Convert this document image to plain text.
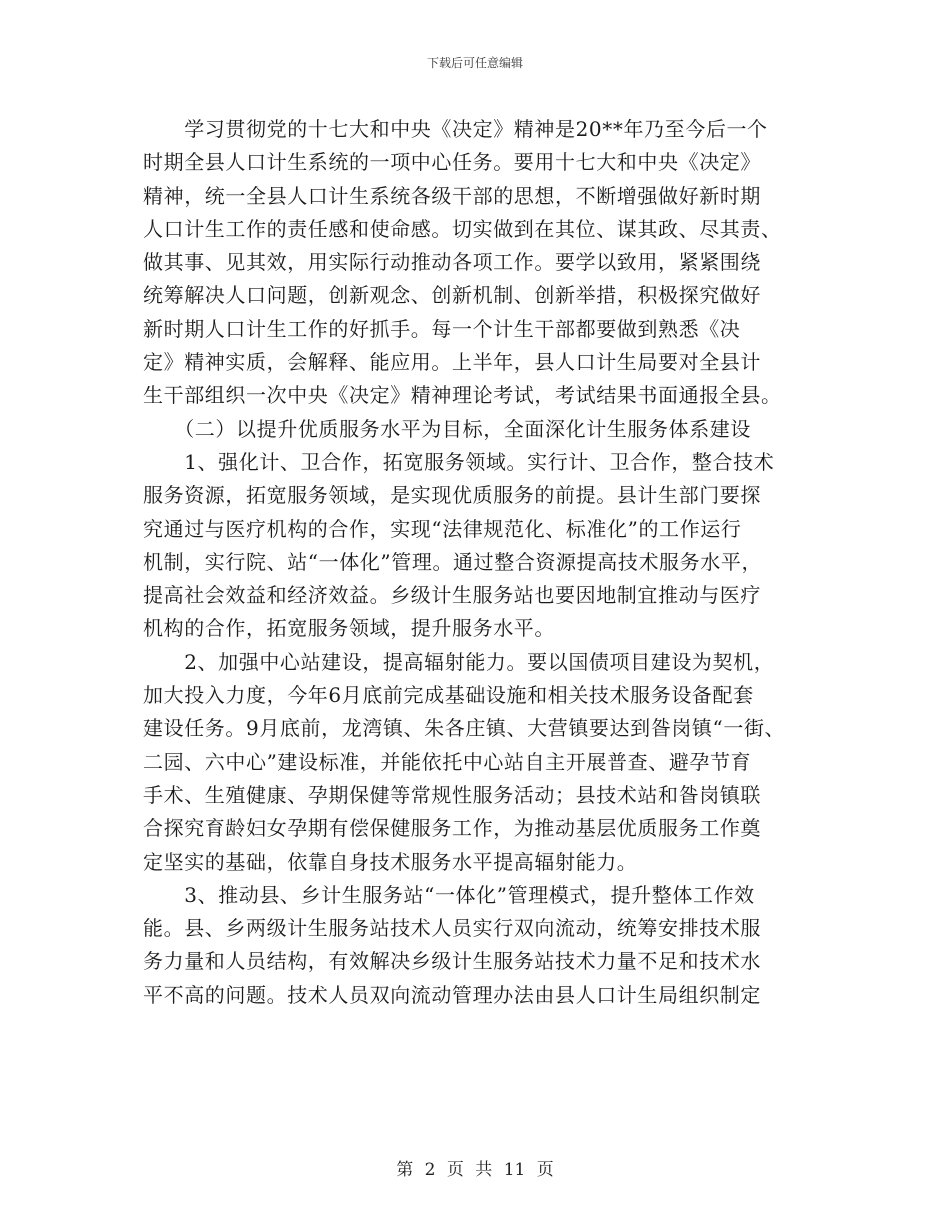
下载后可任意编辑
　　学习贯彻党的十七大和中央《决定》精神是20**年乃至今后一个
时期全县人口计生系统的一项中心任务。要用十七大和中央《决定》
精神，统一全县人口计生系统各级干部的思想，不断增强做好新时期
人口计生工作的责任感和使命感。切实做到在其位、谋其政、尽其责、
做其事、见其效，用实际行动推动各项工作。要学以致用，紧紧围绕
统筹解决人口问题，创新观念、创新机制、创新举措，积极探究做好
新时期人口计生工作的好抓手。每一个计生干部都要做到熟悉《决
定》精神实质，会解释、能应用。上半年，县人口计生局要对全县计
生干部组织一次中央《决定》精神理论考试，考试结果书面通报全县。
　　（二）以提升优质服务水平为目标，全面深化计生服务体系建设
　　1、强化计、卫合作，拓宽服务领域。实行计、卫合作，整合技术
服务资源，拓宽服务领域，是实现优质服务的前提。县计生部门要探
究通过与医疗机构的合作，实现“法律规范化、标准化”的工作运行
机制，实行院、站“一体化”管理。通过整合资源提高技术服务水平，
提高社会效益和经济效益。乡级计生服务站也要因地制宜推动与医疗
机构的合作，拓宽服务领域，提升服务水平。
　　2、加强中心站建设，提高辐射能力。要以国债项目建设为契机，
加大投入力度，今年6月底前完成基础设施和相关技术服务设备配套
建设任务。9月底前，龙湾镇、朱各庄镇、大营镇要达到昝岗镇“一街、
二园、六中心”建设标准，并能依托中心站自主开展普查、避孕节育
手术、生殖健康、孕期保健等常规性服务活动；县技术站和昝岗镇联
合探究育龄妇女孕期有偿保健服务工作，为推动基层优质服务工作奠
定坚实的基础，依靠自身技术服务水平提高辐射能力。
　　3、推动县、乡计生服务站“一体化”管理模式，提升整体工作效
能。县、乡两级计生服务站技术人员实行双向流动，统筹安排技术服
务力量和人员结构，有效解决乡级计生服务站技术力量不足和技术水
平不高的问题。技术人员双向流动管理办法由县人口计生局组织制定
第 2 页 共 11 页
